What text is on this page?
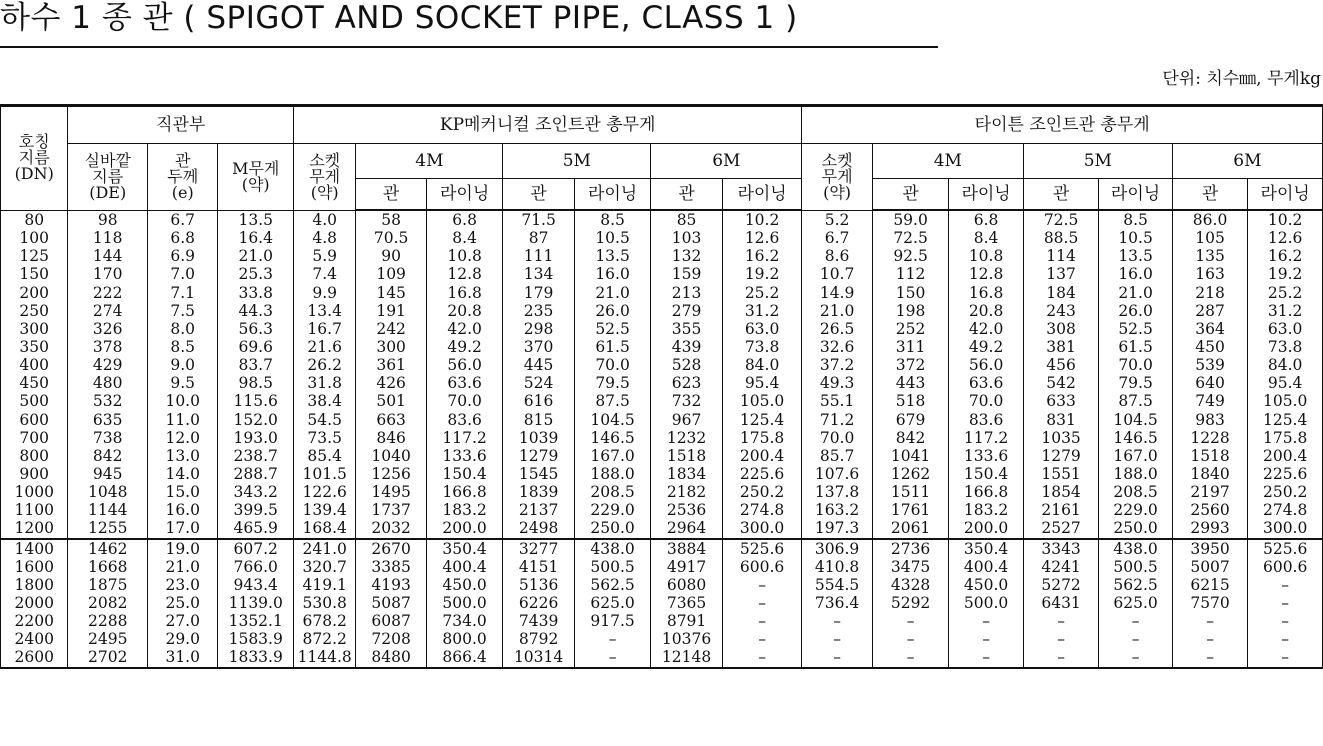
하수 1 종 관 ( SPIGOT AND SOCKET PIPE, CLASS 1 )
단위: 치수㎜, 무게kg
호칭
지름
(DN)	직관부			KP메커니컬 조인트관 총무게							타이튼 조인트관 총무게						

	실바깥
지름
(DE)	관
두께
(e)	M무게
(약)	소켓
무게
(약)	4M		5M		6M		소켓
무게
(약)	4M		5M		6M	
					관	라이닝	관	라이닝	관	라이닝		관	라이닝	관	라이닝	관	라이닝
80	98	6.7	13.5	4.0	58	6.8	71.5	8.5	85	10.2	5.2	59.0	6.8	72.5	8.5	86.0	10.2
100	118	6.8	16.4	4.8	70.5	8.4	87	10.5	103	12.6	6.7	72.5	8.4	88.5	10.5	105	12.6
125	144	6.9	21.0	5.9	90	10.8	111	13.5	132	16.2	8.6	92.5	10.8	114	13.5	135	16.2
150	170	7.0	25.3	7.4	109	12.8	134	16.0	159	19.2	10.7	112	12.8	137	16.0	163	19.2
200	222	7.1	33.8	9.9	145	16.8	179	21.0	213	25.2	14.9	150	16.8	184	21.0	218	25.2
250	274	7.5	44.3	13.4	191	20.8	235	26.0	279	31.2	21.0	198	20.8	243	26.0	287	31.2
300	326	8.0	56.3	16.7	242	42.0	298	52.5	355	63.0	26.5	252	42.0	308	52.5	364	63.0
350	378	8.5	69.6	21.6	300	49.2	370	61.5	439	73.8	32.6	311	49.2	381	61.5	450	73.8
400	429	9.0	83.7	26.2	361	56.0	445	70.0	528	84.0	37.2	372	56.0	456	70.0	539	84.0
450	480	9.5	98.5	31.8	426	63.6	524	79.5	623	95.4	49.3	443	63.6	542	79.5	640	95.4
500	532	10.0	115.6	38.4	501	70.0	616	87.5	732	105.0	55.1	518	70.0	633	87.5	749	105.0
600	635	11.0	152.0	54.5	663	83.6	815	104.5	967	125.4	71.2	679	83.6	831	104.5	983	125.4
700	738	12.0	193.0	73.5	846	117.2	1039	146.5	1232	175.8	70.0	842	117.2	1035	146.5	1228	175.8
800	842	13.0	238.7	85.4	1040	133.6	1279	167.0	1518	200.4	85.7	1041	133.6	1279	167.0	1518	200.4
900	945	14.0	288.7	101.5	1256	150.4	1545	188.0	1834	225.6	107.6	1262	150.4	1551	188.0	1840	225.6
1000	1048	15.0	343.2	122.6	1495	166.8	1839	208.5	2182	250.2	137.8	1511	166.8	1854	208.5	2197	250.2
1100	1144	16.0	399.5	139.4	1737	183.2	2137	229.0	2536	274.8	163.2	1761	183.2	2161	229.0	2560	274.8
1200	1255	17.0	465.9	168.4	2032	200.0	2498	250.0	2964	300.0	197.3	2061	200.0	2527	250.0	2993	300.0
1400	1462	19.0	607.2	241.0	2670	350.4	3277	438.0	3884	525.6	306.9	2736	350.4	3343	438.0	3950	525.6
1600	1668	21.0	766.0	320.7	3385	400.4	4151	500.5	4917	600.6	410.8	3475	400.4	4241	500.5	5007	600.6
1800	1875	23.0	943.4	419.1	4193	450.0	5136	562.5	6080	–	554.5	4328	450.0	5272	562.5	6215	–
2000	2082	25.0	1139.0	530.8	5087	500.0	6226	625.0	7365	–	736.4	5292	500.0	6431	625.0	7570	–
2200	2288	27.0	1352.1	678.2	6087	734.0	7439	917.5	8791	–	–	–	–	–	–	–	–
2400	2495	29.0	1583.9	872.2	7208	800.0	8792	–	10376	–	–	–	–	–	–	–	–
2600	2702	31.0	1833.9	1144.8	8480	866.4	10314	–	12148	–	–	–	–	–	–	–	–
